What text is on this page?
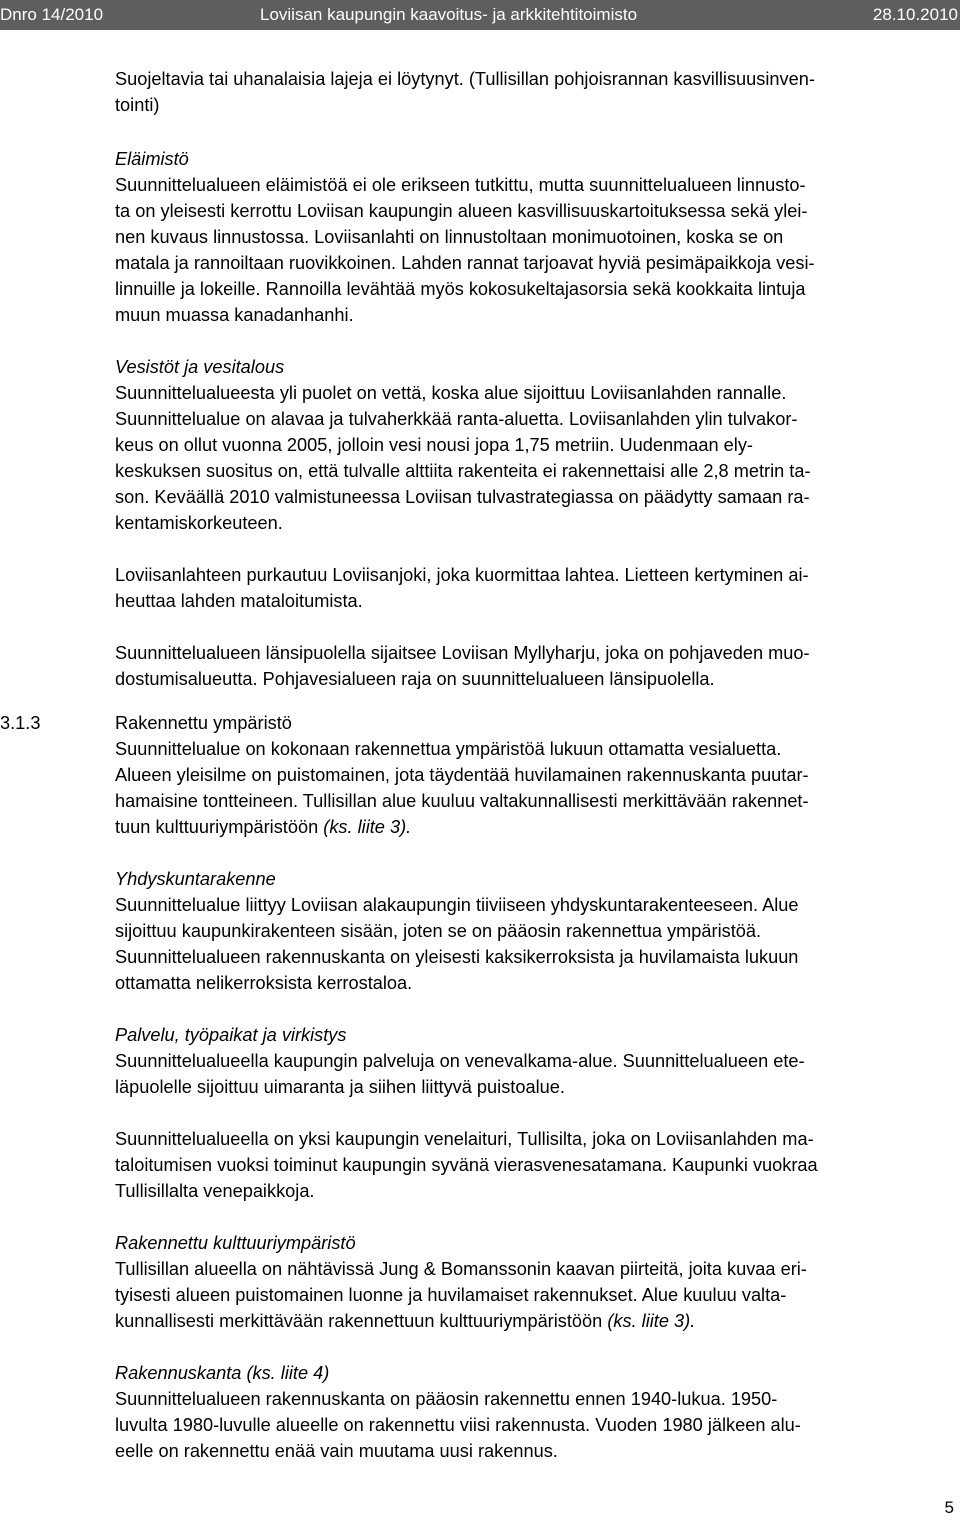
Dnro 14/2010	Loviisan kaupungin kaavoitus- ja arkkitehtitoimisto	28.10.2010

Suojeltavia tai uhanalaisia lajeja ei löytynyt. (Tullisillan pohjoisrannan kasvillisuusinven-
tointi)

Eläimistö
Suunnittelualueen eläimistöä ei ole erikseen tutkittu, mutta suunnittelualueen linnusto-
ta on yleisesti kerrottu Loviisan kaupungin alueen kasvillisuuskartoituksessa sekä ylei-
nen kuvaus linnustossa. Loviisanlahti on linnustoltaan monimuotoinen, koska se on
matala ja rannoiltaan ruovikkoinen. Lahden rannat tarjoavat hyviä pesimäpaikkoja vesi-
linnuille ja lokeille. Rannoilla levähtää myös kokosukeltajasorsia sekä kookkaita lintuja
muun muassa kanadanhanhi.

Vesistöt ja vesitalous
Suunnittelualueesta yli puolet on vettä, koska alue sijoittuu Loviisanlahden rannalle.
Suunnittelualue on alavaa ja tulvaherkkää ranta-aluetta. Loviisanlahden ylin tulvakor-
keus on ollut vuonna 2005, jolloin vesi nousi jopa 1,75 metriin. Uudenmaan ely-
keskuksen suositus on, että tulvalle alttiita rakenteita ei rakennettaisi alle 2,8 metrin ta-
son. Keväällä 2010 valmistuneessa Loviisan tulvastrategiassa on päädytty samaan ra-
kentamiskorkeuteen.

Loviisanlahteen purkautuu Loviisanjoki, joka kuormittaa lahtea. Lietteen kertyminen ai-
heuttaa lahden mataloitumista.

Suunnittelualueen länsipuolella sijaitsee Loviisan Myllyharju, joka on pohjaveden muo-
dostumisalueutta. Pohjavesialueen raja on suunnittelualueen länsipuolella.

3.1.3	Rakennettu ympäristö
Suunnittelualue on kokonaan rakennettua ympäristöä lukuun ottamatta vesialuetta.
Alueen yleisilme on puistomainen, jota täydentää huvilamainen rakennuskanta puutar-
hamaisine tontteineen. Tullisillan alue kuuluu valtakunnallisesti merkittävään rakennet-
tuun kulttuuriympäristöön (ks. liite 3).

Yhdyskuntarakenne
Suunnittelualue liittyy Loviisan alakaupungin tiiviiseen yhdyskuntarakenteeseen. Alue
sijoittuu kaupunkirakenteen sisään, joten se on pääosin rakennettua ympäristöä.
Suunnittelualueen rakennuskanta on yleisesti kaksikerroksista ja huvilamaista lukuun
ottamatta nelikerroksista kerrostaloa.

Palvelu, työpaikat ja virkistys
Suunnittelualueella kaupungin palveluja on venevalkama-alue. Suunnittelualueen ete-
läpuolelle sijoittuu uimaranta ja siihen liittyvä puistoalue.

Suunnittelualueella on yksi kaupungin venelaituri, Tullisilta, joka on Loviisanlahden ma-
taloitumisen vuoksi toiminut kaupungin syvänä vierasvenesatamana. Kaupunki vuokraa
Tullisillalta venepaikkoja.

Rakennettu kulttuuriympäristö
Tullisillan alueella on nähtävissä Jung & Bomanssonin kaavan piirteitä, joita kuvaa eri-
tyisesti alueen puistomainen luonne ja huvilamaiset rakennukset. Alue kuuluu valta-
kunnallisesti merkittävään rakennettuun kulttuuriympäristöön (ks. liite 3).

Rakennuskanta (ks. liite 4)
Suunnittelualueen rakennuskanta on pääosin rakennettu ennen 1940-lukua. 1950-
luvulta 1980-luvulle alueelle on rakennettu viisi rakennusta. Vuoden 1980 jälkeen alu-
eelle on rakennettu enää vain muutama uusi rakennus.

5
